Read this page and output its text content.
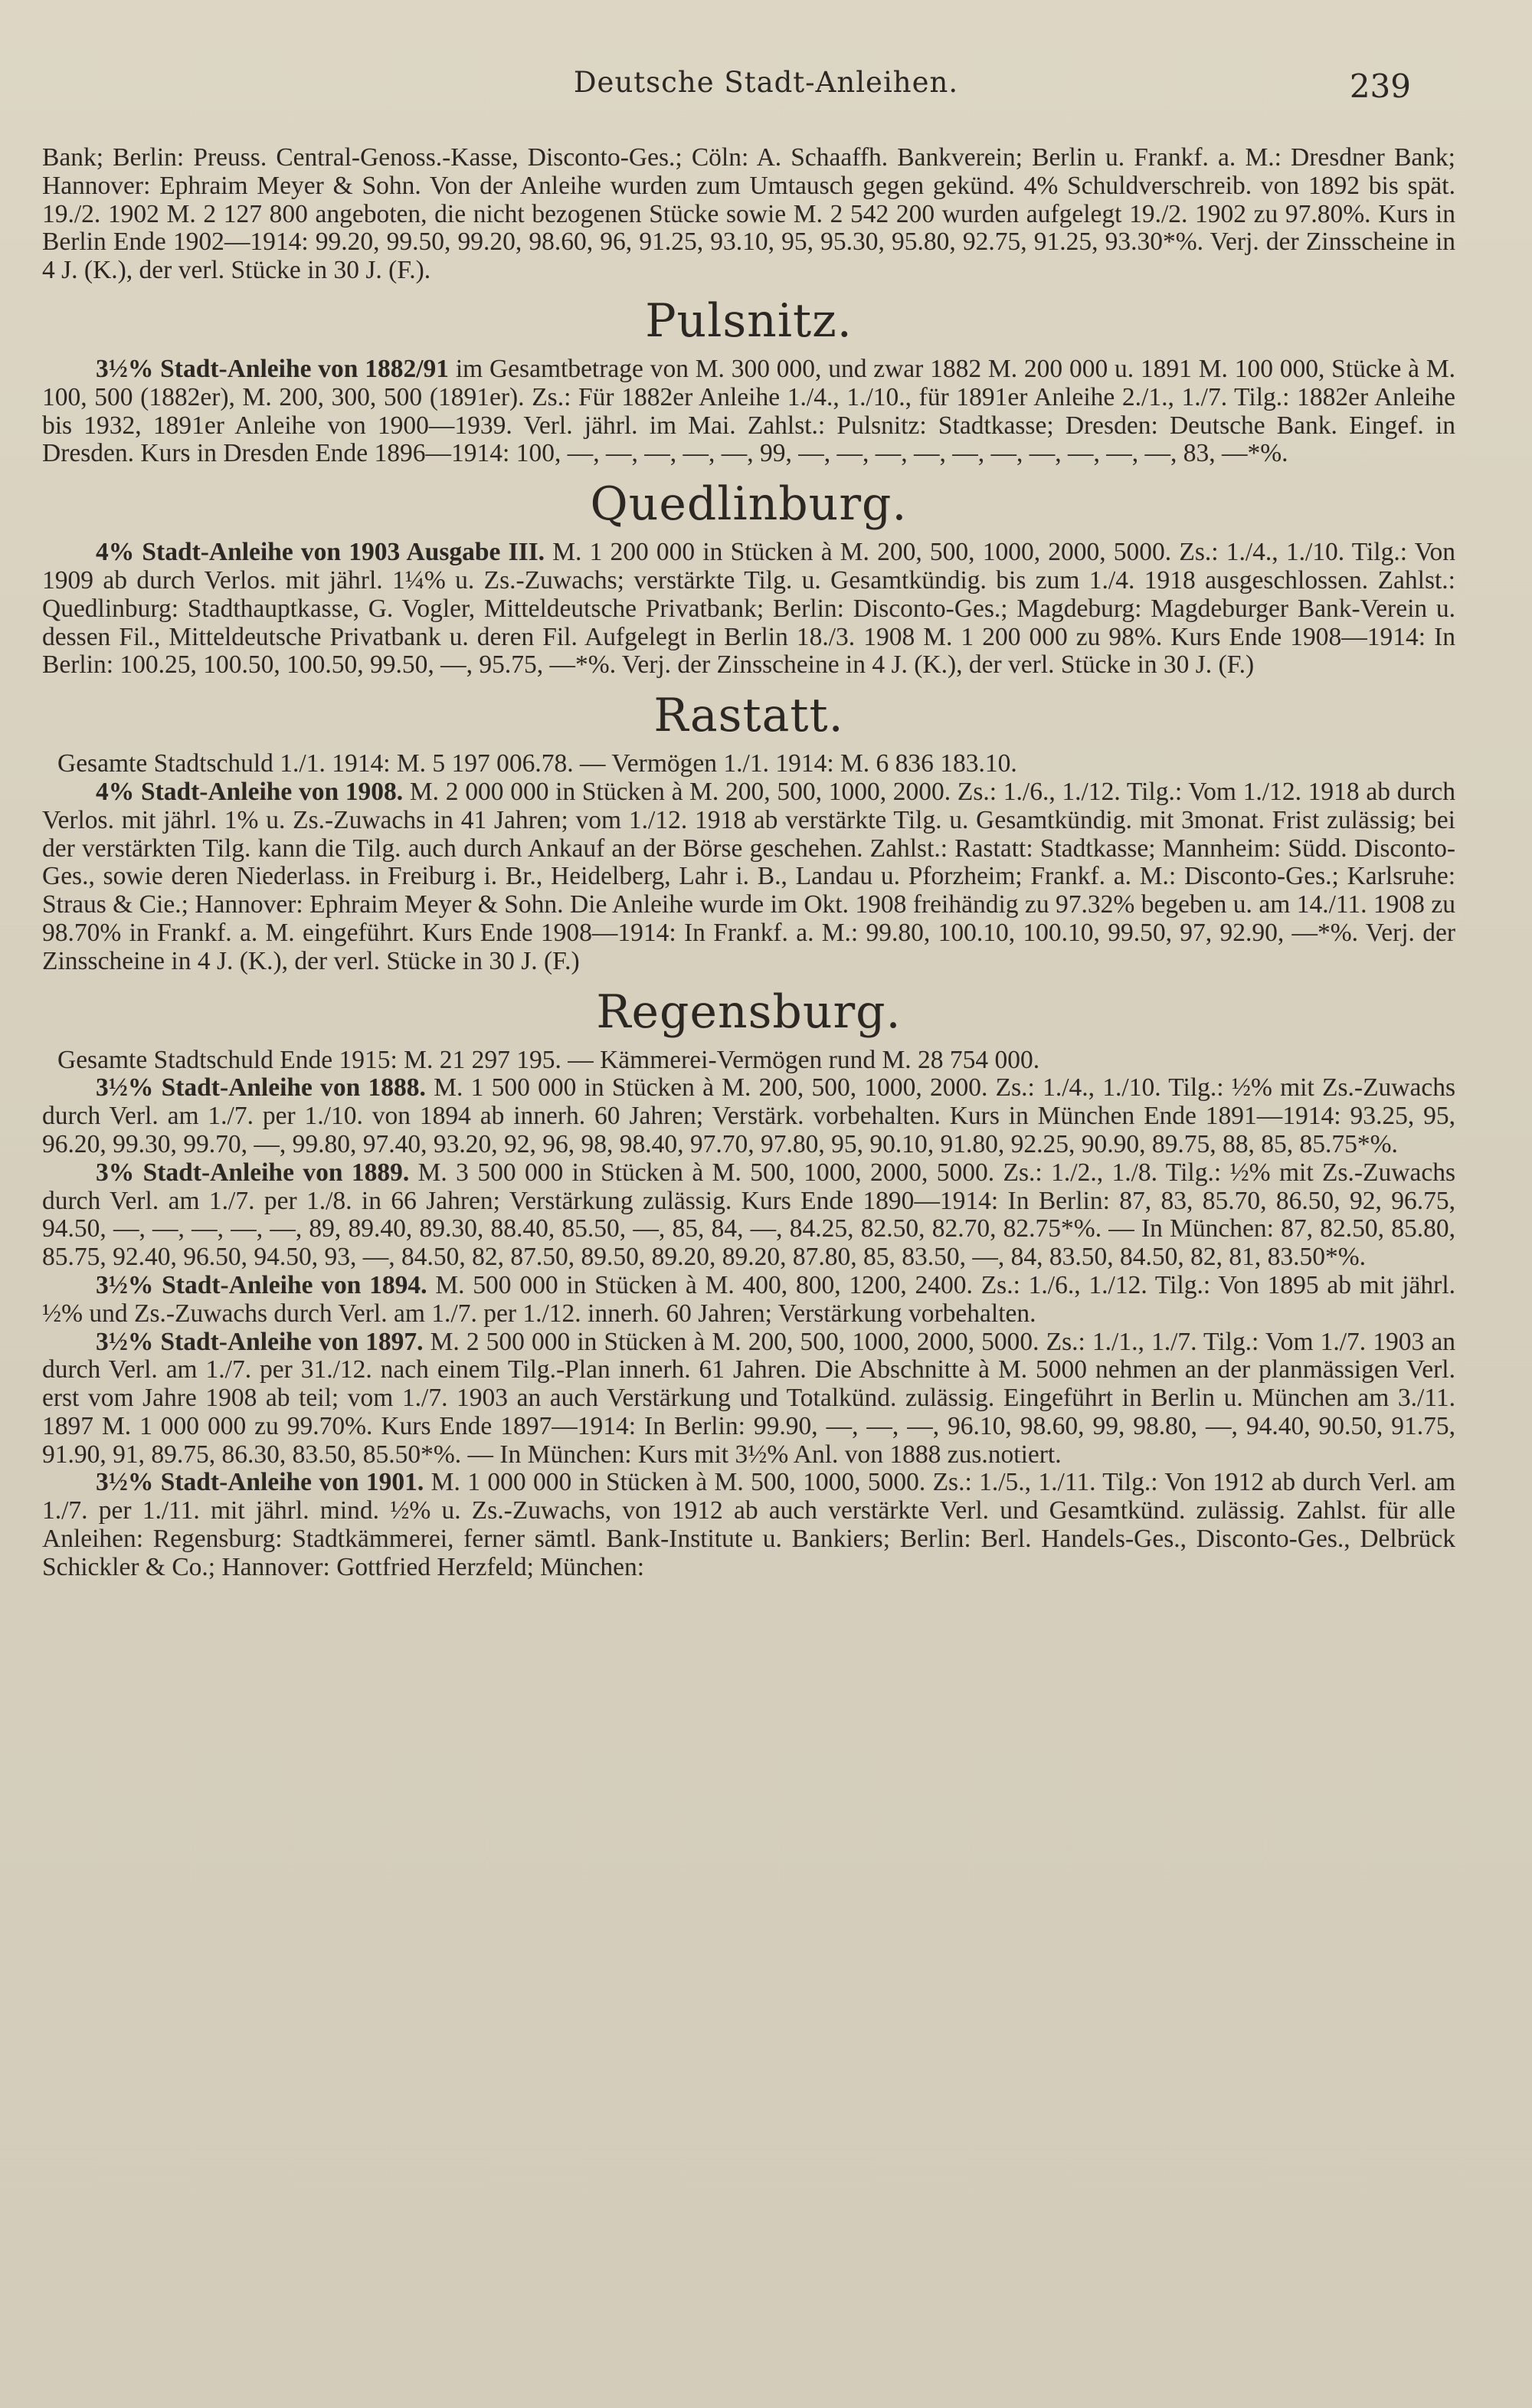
Deutsche Stadt-Anleihen.	239

Bank; Berlin: Preuss. Central-Genoss.-Kasse, Disconto-Ges.; Cöln: A. Schaaffh. Bankverein; Berlin u. Frankf. a. M.: Dresdner Bank; Hannover: Ephraim Meyer & Sohn. Von der Anleihe wurden zum Umtausch gegen gekünd. 4% Schuldverschreib. von 1892 bis spät. 19./2. 1902 M. 2 127 800 angeboten, die nicht bezogenen Stücke sowie M. 2 542 200 wurden aufgelegt 19./2. 1902 zu 97.80%. Kurs in Berlin Ende 1902—1914: 99.20, 99.50, 99.20, 98.60, 96, 91.25, 93.10, 95, 95.30, 95.80, 92.75, 91.25, 93.30*%. Verj. der Zinsscheine in 4 J. (K.), der verl. Stücke in 30 J. (F.).

Pulsnitz.

3½% Stadt-Anleihe von 1882/91 im Gesamtbetrage von M. 300 000, und zwar 1882 M. 200 000 u. 1891 M. 100 000, Stücke à M. 100, 500 (1882er), M. 200, 300, 500 (1891er). Zs.: Für 1882er Anleihe 1./4., 1./10., für 1891er Anleihe 2./1., 1./7. Tilg.: 1882er Anleihe bis 1932, 1891er Anleihe von 1900—1939. Verl. jährl. im Mai. Zahlst.: Pulsnitz: Stadtkasse; Dresden: Deutsche Bank. Eingef. in Dresden. Kurs in Dresden Ende 1896—1914: 100, —, —, —, —, —, 99, —, —, —, —, —, —, —, —, —, —, 83, —*%.

Quedlinburg.

4% Stadt-Anleihe von 1903 Ausgabe III. M. 1 200 000 in Stücken à M. 200, 500, 1000, 2000, 5000. Zs.: 1./4., 1./10. Tilg.: Von 1909 ab durch Verlos. mit jährl. 1¼% u. Zs.-Zuwachs; verstärkte Tilg. u. Gesamtkündig. bis zum 1./4. 1918 ausgeschlossen. Zahlst.: Quedlinburg: Stadthauptkasse, G. Vogler, Mitteldeutsche Privatbank; Berlin: Disconto-Ges.; Magdeburg: Magdeburger Bank-Verein u. dessen Fil., Mitteldeutsche Privatbank u. deren Fil. Aufgelegt in Berlin 18./3. 1908 M. 1 200 000 zu 98%. Kurs Ende 1908—1914: In Berlin: 100.25, 100.50, 100.50, 99.50, —, 95.75, —*%. Verj. der Zinsscheine in 4 J. (K.), der verl. Stücke in 30 J. (F.)

Rastatt.

Gesamte Stadtschuld 1./1. 1914: M. 5 197 006.78. — Vermögen 1./1. 1914: M. 6 836 183.10.

4% Stadt-Anleihe von 1908. M. 2 000 000 in Stücken à M. 200, 500, 1000, 2000. Zs.: 1./6., 1./12. Tilg.: Vom 1./12. 1918 ab durch Verlos. mit jährl. 1% u. Zs.-Zuwachs in 41 Jahren; vom 1./12. 1918 ab verstärkte Tilg. u. Gesamtkündig. mit 3monat. Frist zulässig; bei der verstärkten Tilg. kann die Tilg. auch durch Ankauf an der Börse geschehen. Zahlst.: Rastatt: Stadtkasse; Mannheim: Südd. Disconto-Ges., sowie deren Niederlass. in Freiburg i. Br., Heidelberg, Lahr i. B., Landau u. Pforzheim; Frankf. a. M.: Disconto-Ges.; Karlsruhe: Straus & Cie.; Hannover: Ephraim Meyer & Sohn. Die Anleihe wurde im Okt. 1908 freihändig zu 97.32% begeben u. am 14./11. 1908 zu 98.70% in Frankf. a. M. eingeführt. Kurs Ende 1908—1914: In Frankf. a. M.: 99.80, 100.10, 100.10, 99.50, 97, 92.90, —*%. Verj. der Zinsscheine in 4 J. (K.), der verl. Stücke in 30 J. (F.)

Regensburg.

Gesamte Stadtschuld Ende 1915: M. 21 297 195. — Kämmerei-Vermögen rund M. 28 754 000.

3½% Stadt-Anleihe von 1888. M. 1 500 000 in Stücken à M. 200, 500, 1000, 2000. Zs.: 1./4., 1./10. Tilg.: ½% mit Zs.-Zuwachs durch Verl. am 1./7. per 1./10. von 1894 ab innerh. 60 Jahren; Verstärk. vorbehalten. Kurs in München Ende 1891—1914: 93.25, 95, 96.20, 99.30, 99.70, —, 99.80, 97.40, 93.20, 92, 96, 98, 98.40, 97.70, 97.80, 95, 90.10, 91.80, 92.25, 90.90, 89.75, 88, 85, 85.75*%.

3% Stadt-Anleihe von 1889. M. 3 500 000 in Stücken à M. 500, 1000, 2000, 5000. Zs.: 1./2., 1./8. Tilg.: ½% mit Zs.-Zuwachs durch Verl. am 1./7. per 1./8. in 66 Jahren; Verstärkung zulässig. Kurs Ende 1890—1914: In Berlin: 87, 83, 85.70, 86.50, 92, 96.75, 94.50, —, —, —, —, —, 89, 89.40, 89.30, 88.40, 85.50, —, 85, 84, —, 84.25, 82.50, 82.70, 82.75*%. — In München: 87, 82.50, 85.80, 85.75, 92.40, 96.50, 94.50, 93, —, 84.50, 82, 87.50, 89.50, 89.20, 89.20, 87.80, 85, 83.50, —, 84, 83.50, 84.50, 82, 81, 83.50*%.

3½% Stadt-Anleihe von 1894. M. 500 000 in Stücken à M. 400, 800, 1200, 2400. Zs.: 1./6., 1./12. Tilg.: Von 1895 ab mit jährl. ½% und Zs.-Zuwachs durch Verl. am 1./7. per 1./12. innerh. 60 Jahren; Verstärkung vorbehalten.

3½% Stadt-Anleihe von 1897. M. 2 500 000 in Stücken à M. 200, 500, 1000, 2000, 5000. Zs.: 1./1., 1./7. Tilg.: Vom 1./7. 1903 an durch Verl. am 1./7. per 31./12. nach einem Tilg.-Plan innerh. 61 Jahren. Die Abschnitte à M. 5000 nehmen an der planmässigen Verl. erst vom Jahre 1908 ab teil; vom 1./7. 1903 an auch Verstärkung und Totalkünd. zulässig. Eingeführt in Berlin u. München am 3./11. 1897 M. 1 000 000 zu 99.70%. Kurs Ende 1897—1914: In Berlin: 99.90, —, —, —, 96.10, 98.60, 99, 98.80, —, 94.40, 90.50, 91.75, 91.90, 91, 89.75, 86.30, 83.50, 85.50*%. — In München: Kurs mit 3½% Anl. von 1888 zus.notiert.

3½% Stadt-Anleihe von 1901. M. 1 000 000 in Stücken à M. 500, 1000, 5000. Zs.: 1./5., 1./11. Tilg.: Von 1912 ab durch Verl. am 1./7. per 1./11. mit jährl. mind. ½% u. Zs.-Zuwachs, von 1912 ab auch verstärkte Verl. und Gesamtkünd. zulässig. Zahlst. für alle Anleihen: Regensburg: Stadtkämmerei, ferner sämtl. Bank-Institute u. Bankiers; Berlin: Berl. Handels-Ges., Disconto-Ges., Delbrück Schickler & Co.; Hannover: Gottfried Herzfeld; München:
